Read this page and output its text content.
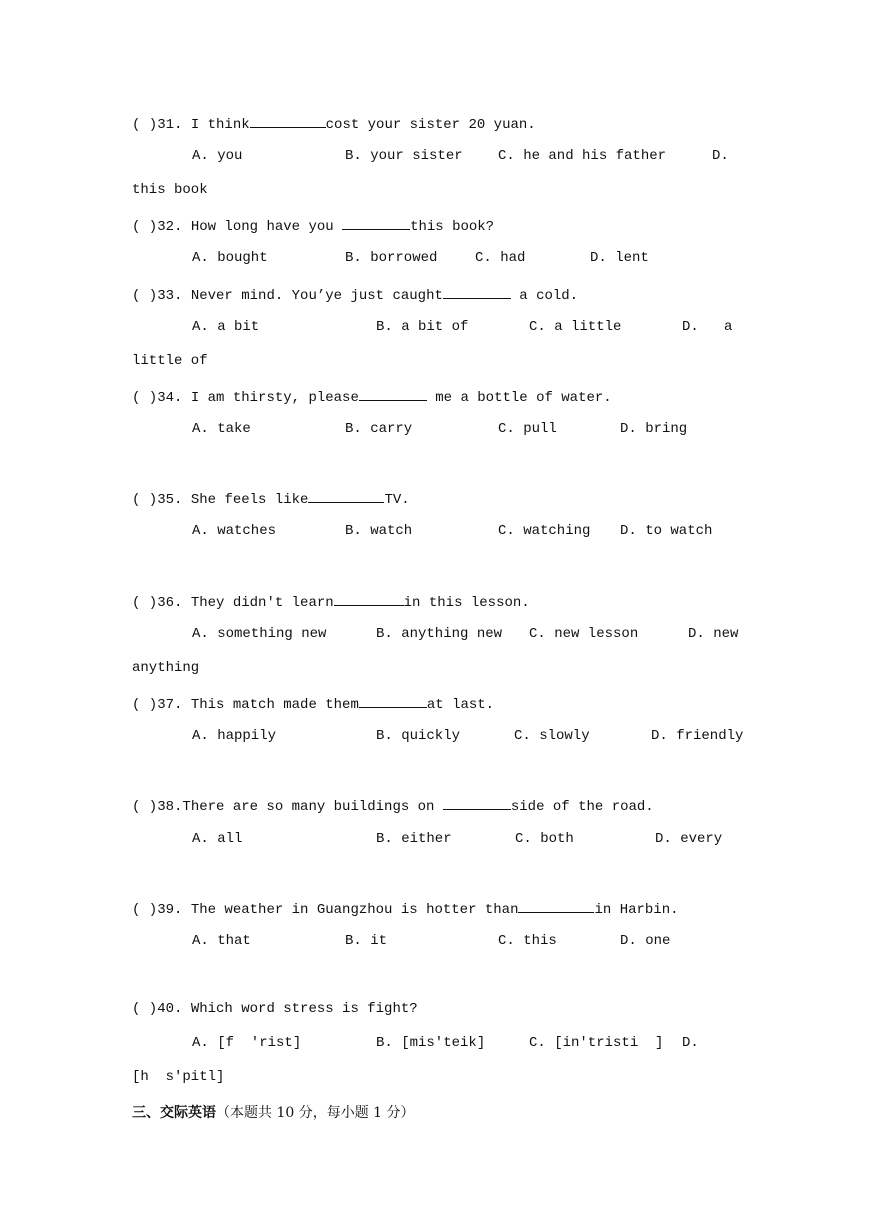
( )31. I think	cost your sister 20 yuan.
A. you	B. your sister	C. he and his father	D.
this book
( )32. How long have you	this book?
A. bought	B. borrowed	C. had	D. lent
( )33. Never mind. You’ye just caught	a cold.
A. a bit	B. a bit of	C. a little	D.   a
little of
( )34. I am thirsty, please	me a bottle of water.
A. take	B. carry	C. pull	D. bring
( )35. She feels like	TV.
A. watches	B. watch	C. watching D. to watch
( )36. They didn't learn	in this lesson.
A. something new	B. anything new C. new lesson	D. new
anything
( )37. This match made them	at last.
A. happily	B. quickly	C. slowly	D. friendly
( )38.There are so many buildings on	side of the road.
A. all	B. either	C. both	D. every
( )39. The weather in Guangzhou is hotter than	in Harbin.
A. that	B. it	C. this	D. one
( )40. Which word stress is fight?
A. [f  'rist]	B. [mis'teik]	C. [in'tristi  ] D.
[h  s'pitl]
三、交际英语（本题共 10 分，每小题 1 分）
